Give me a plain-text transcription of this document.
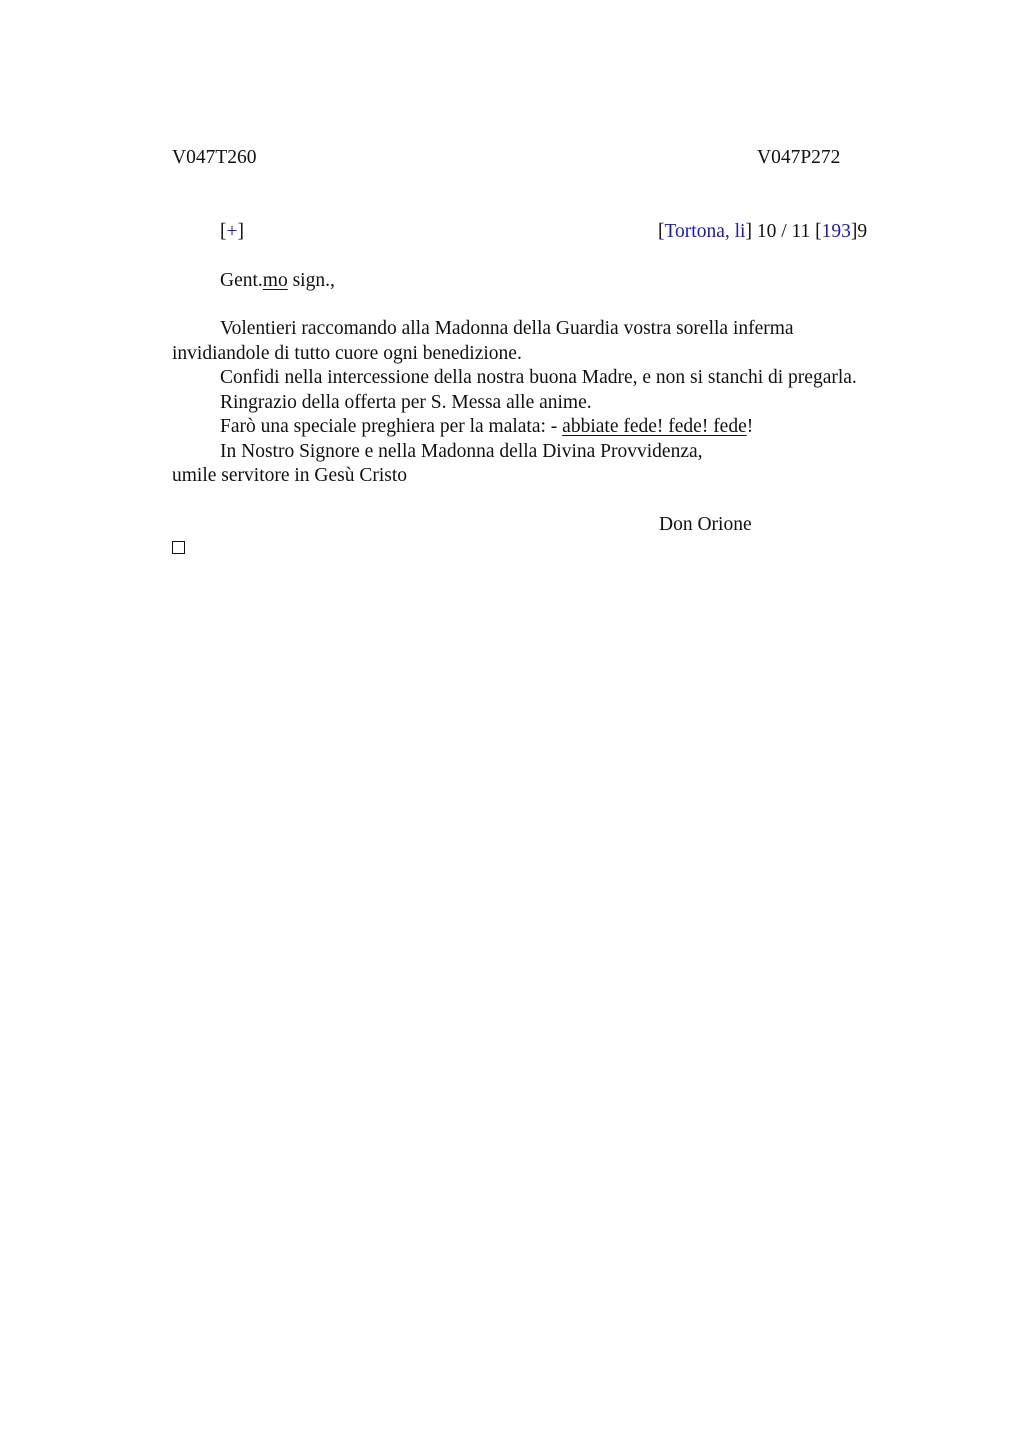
V047T260	V047P272
[+]	[Tortona, li] 10 / 11 [193]9
Gent.mo sign.,
Volentieri raccomando alla Madonna della Guardia vostra sorella inferma
invidiandole di tutto cuore ogni benedizione.
Confidi nella intercessione della nostra buona Madre, e non si stanchi di pregarla.
Ringrazio della offerta per S. Messa alle anime.
Farò una speciale preghiera per la malata: - abbiate fede! fede! fede!
In Nostro Signore e nella Madonna della Divina Provvidenza,
umile servitore in Gesù Cristo
Don Orione
